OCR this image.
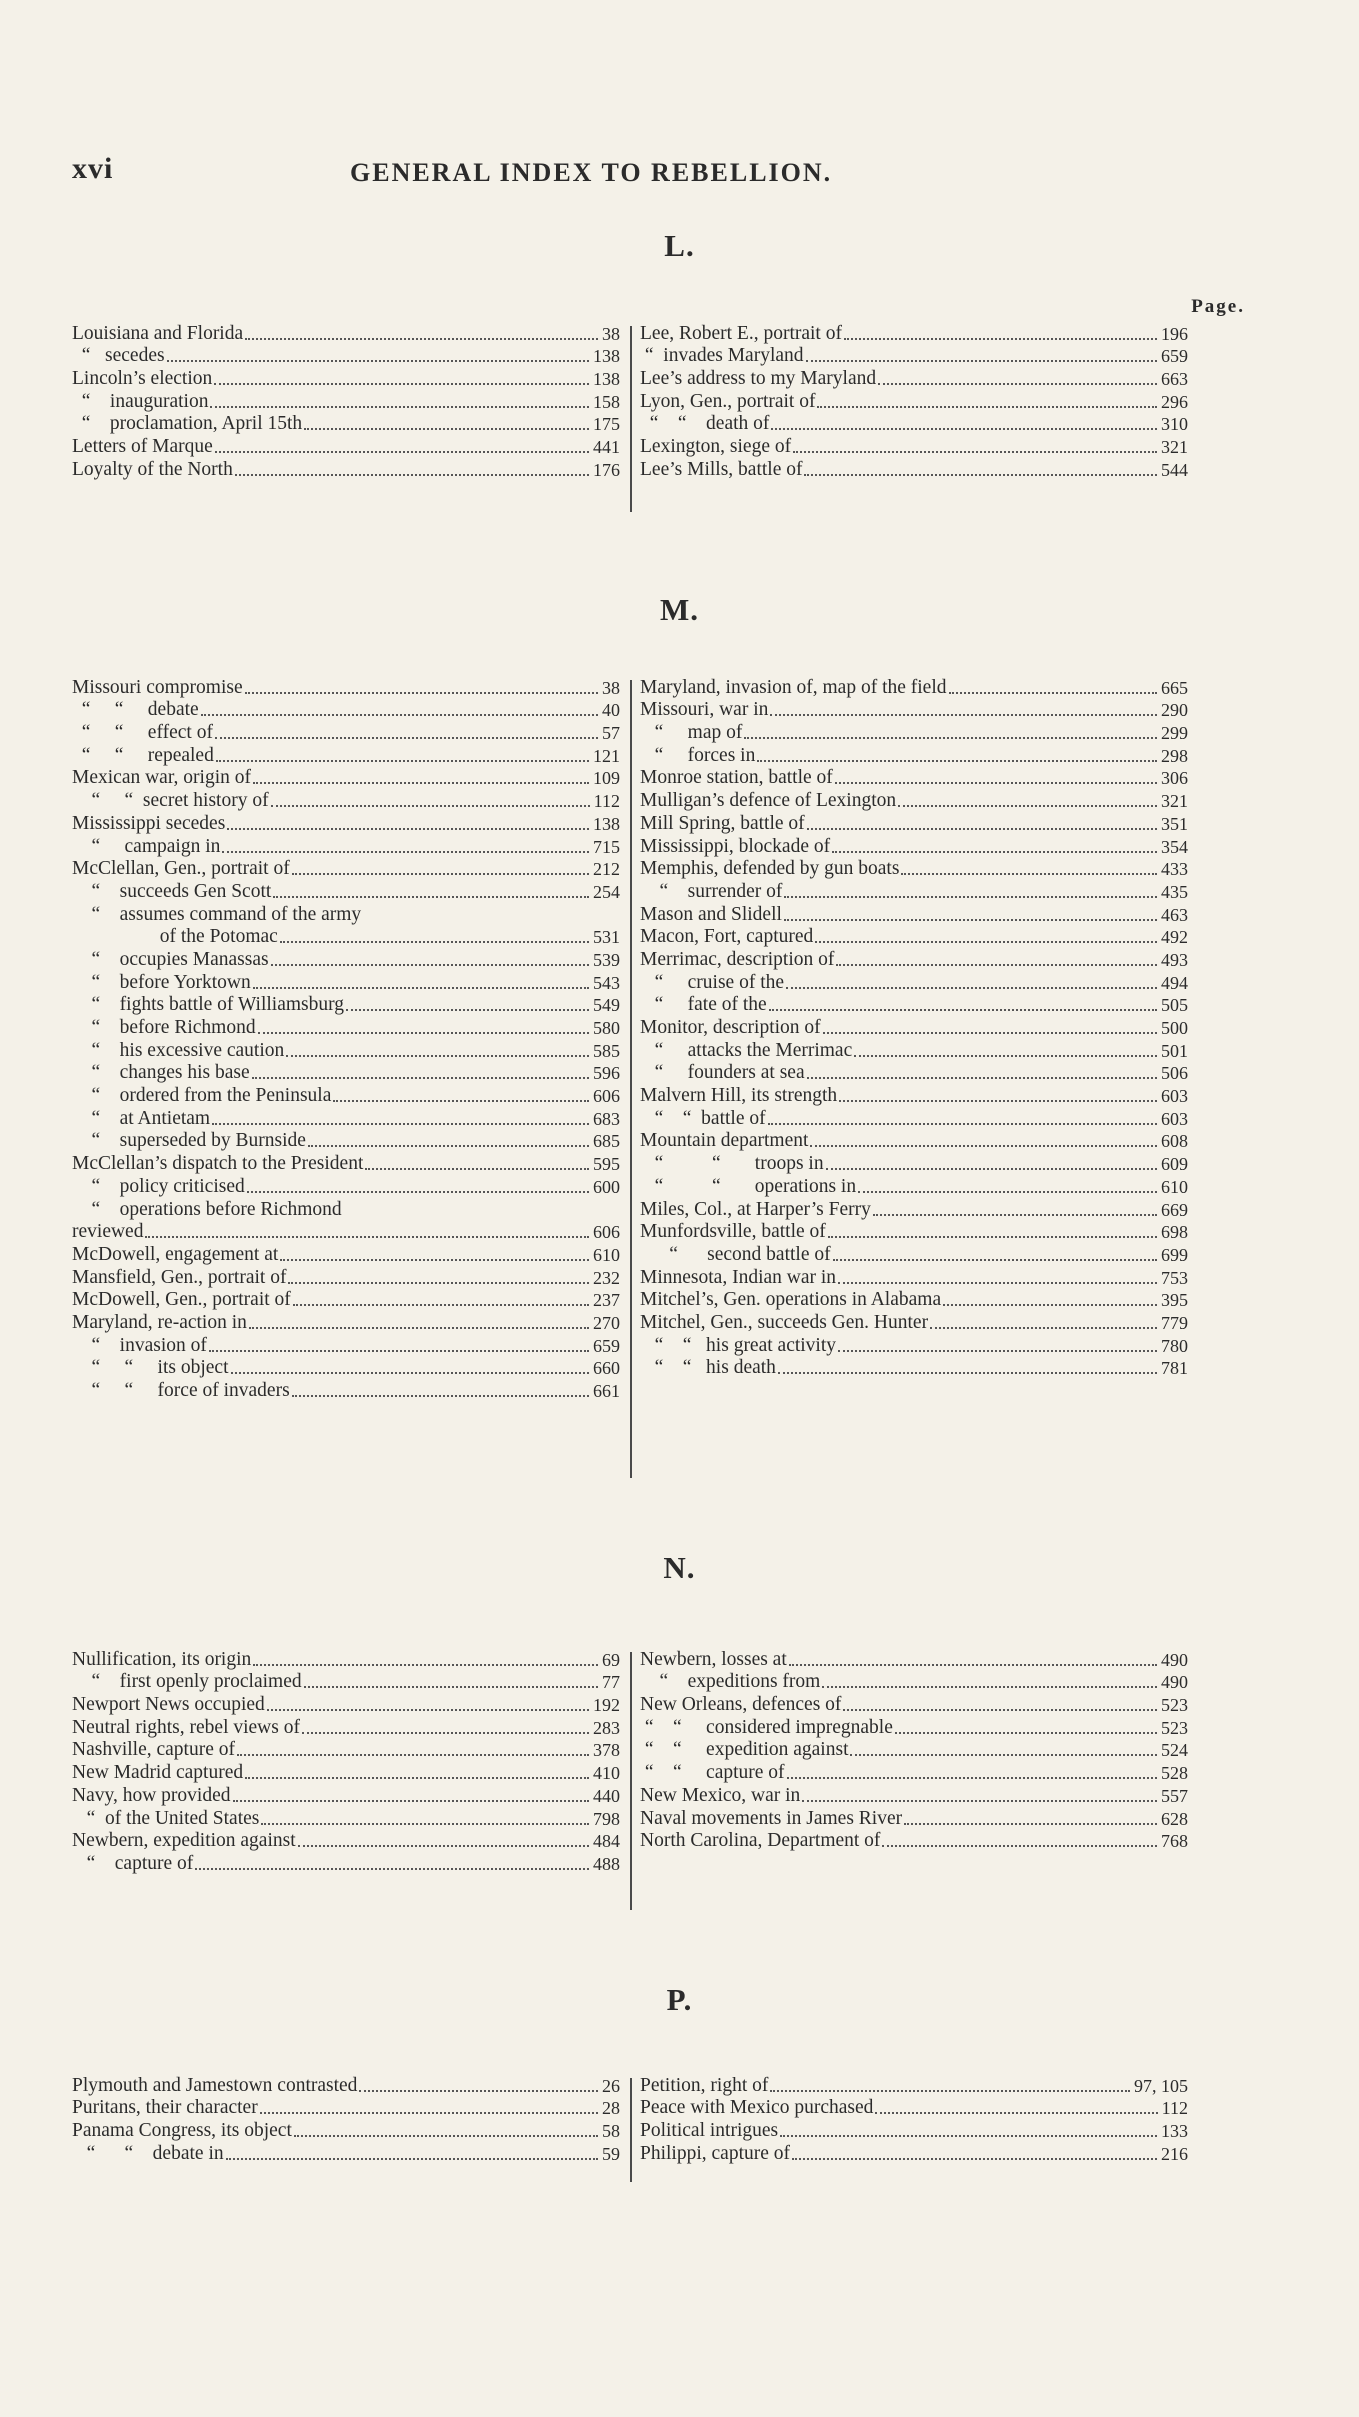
xvi	GENERAL INDEX TO REBELLION.
L.
Page.
Louisiana and Florida	38
“   secedes	138
Lincoln’s election	138
“    inauguration	158
“    proclamation, April 15th	175
Letters of Marque	441
Loyalty of the North	176
Lee, Robert E., portrait of	196
“  invades Maryland	659
Lee’s address to my Maryland	663
Lyon, Gen., portrait of	296
“    “    death of	310
Lexington, siege of	321
Lee’s Mills, battle of	544
M.
Missouri compromise	38
“     “     debate	40
“     “     effect of	57
“     “     repealed	121
Mexican war, origin of	109
“     “  secret history of	112
Mississippi secedes	138
“     campaign in	715
McClellan, Gen., portrait of	212
“    succeeds Gen Scott	254
“    assumes command of the army
of the Potomac	531
“    occupies Manassas	539
“    before Yorktown	543
“    fights battle of Williamsburg	549
“    before Richmond	580
“    his excessive caution	585
“    changes his base	596
“    ordered from the Peninsula	606
“    at Antietam	683
“    superseded by Burnside	685
McClellan’s dispatch to the President	595
“    policy criticised	600
“    operations before Richmond
reviewed	606
McDowell, engagement at	610
Mansfield, Gen., portrait of	232
McDowell, Gen., portrait of	237
Maryland, re-action in	270
“    invasion of	659
“     “     its object	660
“     “     force of invaders	661
Maryland, invasion of, map of the field	665
Missouri, war in	290
“     map of	299
“     forces in	298
Monroe station, battle of	306
Mulligan’s defence of Lexington	321
Mill Spring, battle of	351
Mississippi, blockade of	354
Memphis, defended by gun boats	433
“    surrender of	435
Mason and Slidell	463
Macon, Fort, captured	492
Merrimac, description of	493
“     cruise of the	494
“     fate of the	505
Monitor, description of	500
“     attacks the Merrimac	501
“     founders at sea	506
Malvern Hill, its strength	603
“    “  battle of	603
Mountain department	608
“          “       troops in	609
“          “       operations in	610
Miles, Col., at Harper’s Ferry	669
Munfordsville, battle of	698
“      second battle of	699
Minnesota, Indian war in	753
Mitchel’s, Gen. operations in Alabama	395
Mitchel, Gen., succeeds Gen. Hunter	779
“    “   his great activity	780
“    “   his death	781
N.
Nullification, its origin	69
“    first openly proclaimed	77
Newport News occupied	192
Neutral rights, rebel views of	283
Nashville, capture of	378
New Madrid captured	410
Navy, how provided	440
“  of the United States	798
Newbern, expedition against	484
“    capture of	488
Newbern, losses at	490
“    expeditions from	490
New Orleans, defences of	523
“    “     considered impregnable	523
“    “     expedition against	524
“    “     capture of	528
New Mexico, war in	557
Naval movements in James River	628
North Carolina, Department of	768
P.
Plymouth and Jamestown contrasted	26
Puritans, their character	28
Panama Congress, its object	58
“      “    debate in	59
Petition, right of	97, 105
Peace with Mexico purchased	112
Political intrigues	133
Philippi, capture of	216
